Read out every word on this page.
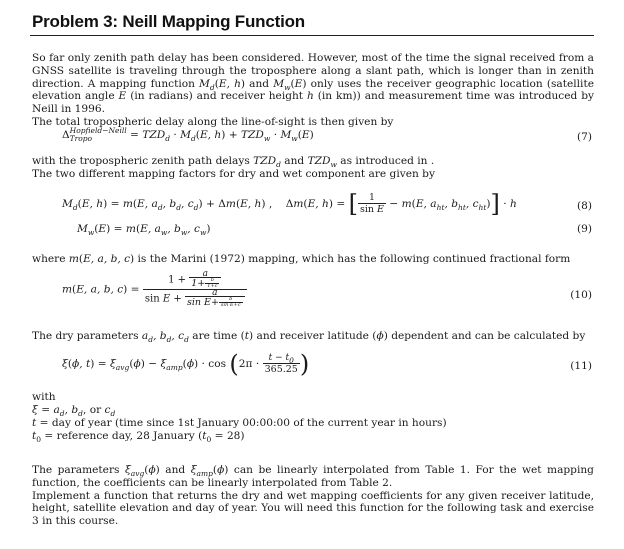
Problem 3: Neill Mapping Function
So far only zenith path delay has been considered. However, most of the time the signal received from a GNSS satellite is traveling through the troposphere along a slant path, which is longer than in zenith direction. A mapping function $M_d(E$, h) and $M_w(E)$ only uses the receiver geographic location (satellite elevation angle E (in radians) and receiver height h (in km)) and measurement time was introduced by Neill in 1996.
The total tropospheric delay along the line-of-sight is then given by
Δ Hopfield−Neill
Tropo	= $TZD_d \cdot M_d(E$, $h) + TZD_w \cdot M_w(E)$	(7)
with the tropospheric zenith path delays $TZD_d$ and $TZD_w$ as introduced in .
The two different mapping factors for dry and wet component are given by
$M_d(E$, h) = m(E, $a_d$, $b_d$, $c_d) + \Delta m(E$, h) ,    Δm(E, h) = [ $\frac{1}{\text{sin E}} - m(E$, $a_{ht}$, $b_{ht}$, $c_{ht})] \cdot h$	(8)
$M_w(E) = m(E$, $a_w$, $b_w$, $c_w$)	(9)
where m(E, a, b, c) is the Marini (1972) mapping, which has the following continued fractional form
m(E, a, b, $c) = \frac{1 + \frac{a}{1+ \frac{b}{1+c}}}{\sin E + \frac{a}{\sin E+ \frac{b}{\text{sin E+c}}}}$	(10)
The dry parameters $a_d$, $b_d$, $c_d$ are time (t) and receiver latitude (ϕ) dependent and can be calculated by
ξ(ϕ, $t) = \xi_{avg}(\phi) - \xi_{amp}(\phi) \cdot \cos (2\pi \cdot \frac{t - t_0}{365.25}$ )	(11)
with
$\xi = a_d$, $b_d$, or $c_d$
t = day of year (time since 1st January 00:00:00 of the current year in hours)
$t_0$ = reference day, 28 January $(t_0 = 28)$
The parameters $\xi_{avg}(\phi)$ and $\xi_{amp}(\phi)$ can be linearly interpolated from Table 1. For the wet mapping function, the coefficients can be linearly interpolated from Table 2.
Implement a function that returns the dry and wet mapping coefficients for any given receiver latitude, height, satellite elevation and day of year. You will need this function for the following task and exercise 3 in this course.
